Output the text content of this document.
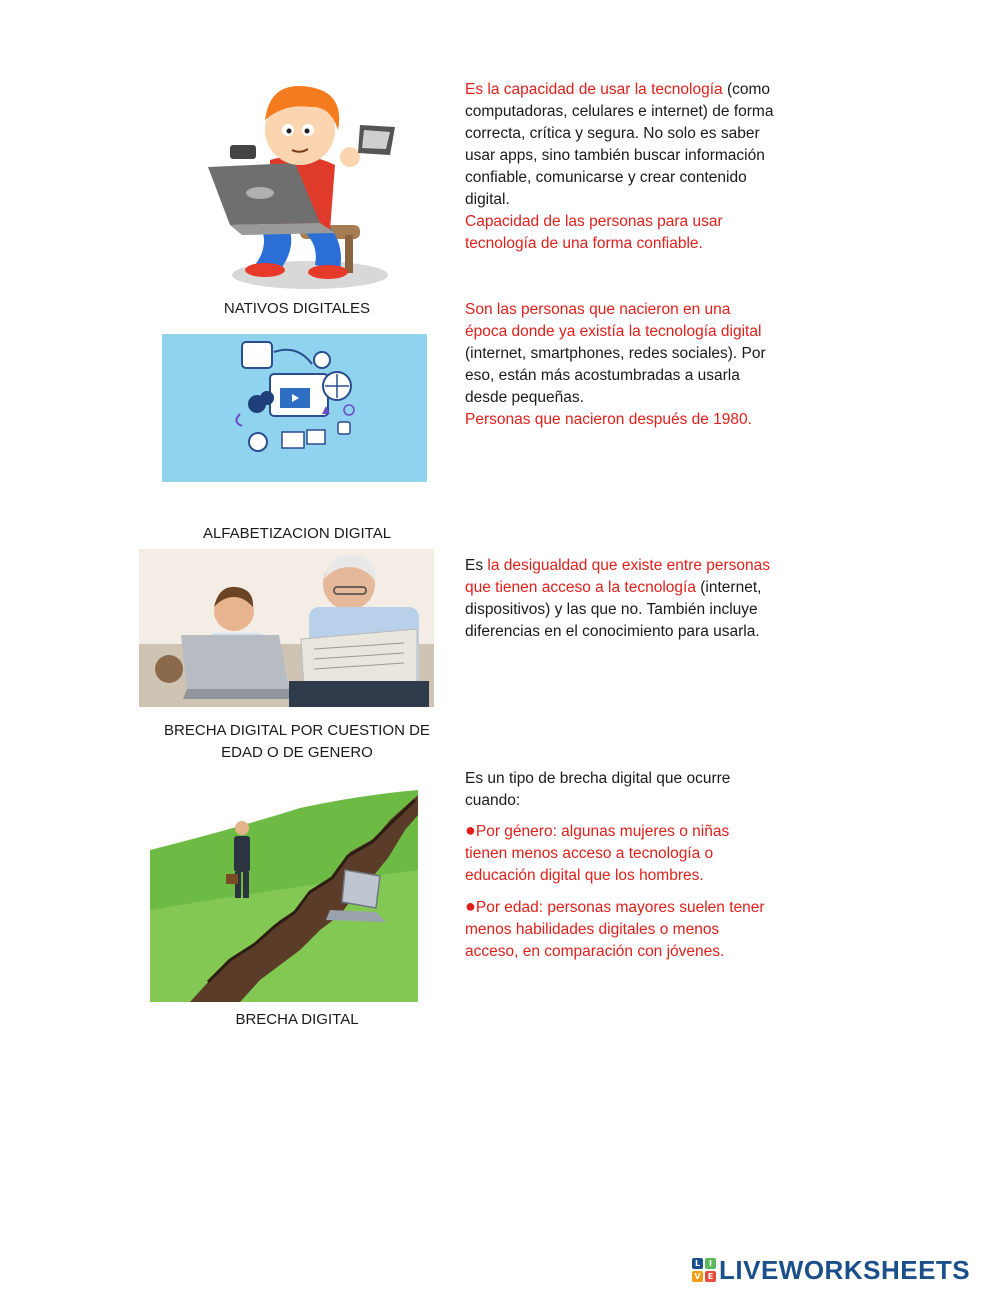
Es la capacidad de usar la tecnología (como computadoras, celulares e internet) de forma correcta, crítica y segura. No solo es saber usar apps, sino también buscar información confiable, comunicarse y crear contenido digital.
Capacidad de las personas para usar tecnología de una forma confiable.
NATIVOS DIGITALES	Son las personas que nacieron en una época donde ya existía la tecnología digital (internet, smartphones, redes sociales). Por eso, están más acostumbradas a usarla desde pequeñas.
Personas que nacieron después de 1980.
ALFABETIZACION DIGITAL
Es la desigualdad que existe entre personas que tienen acceso a la tecnología (internet, dispositivos) y las que no. También incluye diferencias en el conocimiento para usarla.
BRECHA DIGITAL POR CUESTION DE EDAD O DE GENERO
Es un tipo de brecha digital que ocurre cuando:
●Por género: algunas mujeres o niñas tienen menos acceso a tecnología o educación digital que los hombres.
●Por edad: personas mayores suelen tener menos habilidades digitales o menos acceso, en comparación con jóvenes.
BRECHA DIGITAL
L	I
V E LIVEWORKSHEETS
